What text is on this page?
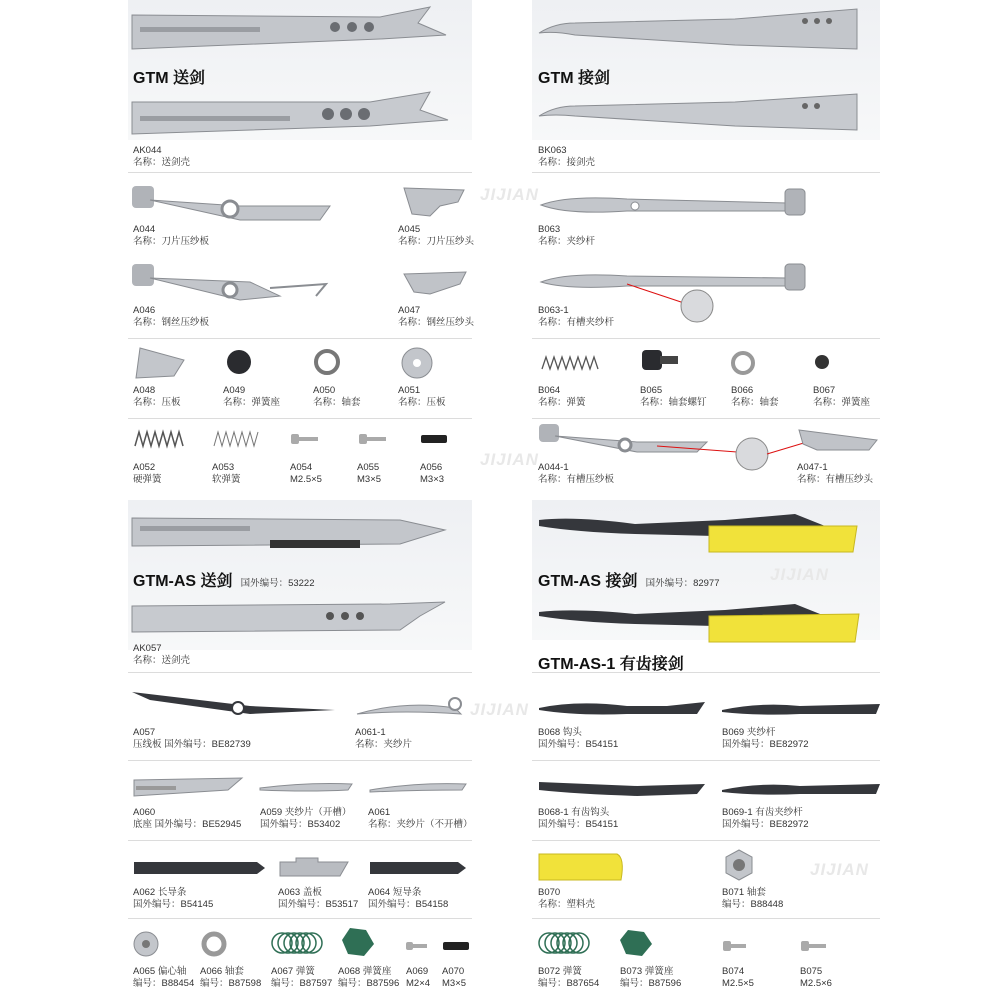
JIJIAN
JIJIAN
JIJIAN
JIJIAN
JIJIAN
GTM 送剑
AK044
名称：送剑壳
A044
名称：刀片压纱板
A045
名称：刀片压纱头
A046
名称：钢丝压纱板
A047
名称：钢丝压纱头
A048
名称：压板
A049
名称：弹簧座
A050
名称：轴套
A051
名称：压板
A052
硬弹簧
A053
软弹簧
A054
M2.5×5
A055
M3×5
A056
M3×3
GTM 接剑
BK063
名称：接剑壳
B063
名称：夹纱杆
B063-1
名称：有槽夹纱杆
B064
名称：弹簧
B065
名称：轴套螺钉
B066
名称：轴套
B067
名称：弹簧座
A044-1
名称：有槽压纱板
A047-1
名称：有槽压纱头
GTM-AS 送剑 国外编号：53222
AK057
名称：送剑壳
A057
压线板 国外编号：BE82739
A061-1
名称：夹纱片
A060
底座 国外编号：BE52945
A059 夹纱片（开槽）
国外编号：B53402
A061
名称：夹纱片（不开槽）
A062 长导条
国外编号：B54145
A063 盖板
国外编号：B53517
A064 短导条
国外编号：B54158
A065 偏心轴
编号：B88454
A066 轴套
编号：B87598
A067 弹簧
编号：B87597
A068 弹簧座
编号：B87596
A069
M2×4
A070
M3×5
GTM-AS 接剑 国外编号：82977
GTM-AS-1 有齿接剑
B068 钩头
国外编号：B54151
B069 夹纱杆
国外编号：BE82972
B068-1 有齿钩头
国外编号：B54151
B069-1 有齿夹纱杆
国外编号：BE82972
B070
名称：塑料壳
B071 轴套
编号：B88448
B072 弹簧
编号：B87654
B073 弹簧座
编号：B87596
B074
M2.5×5
B075
M2.5×6
